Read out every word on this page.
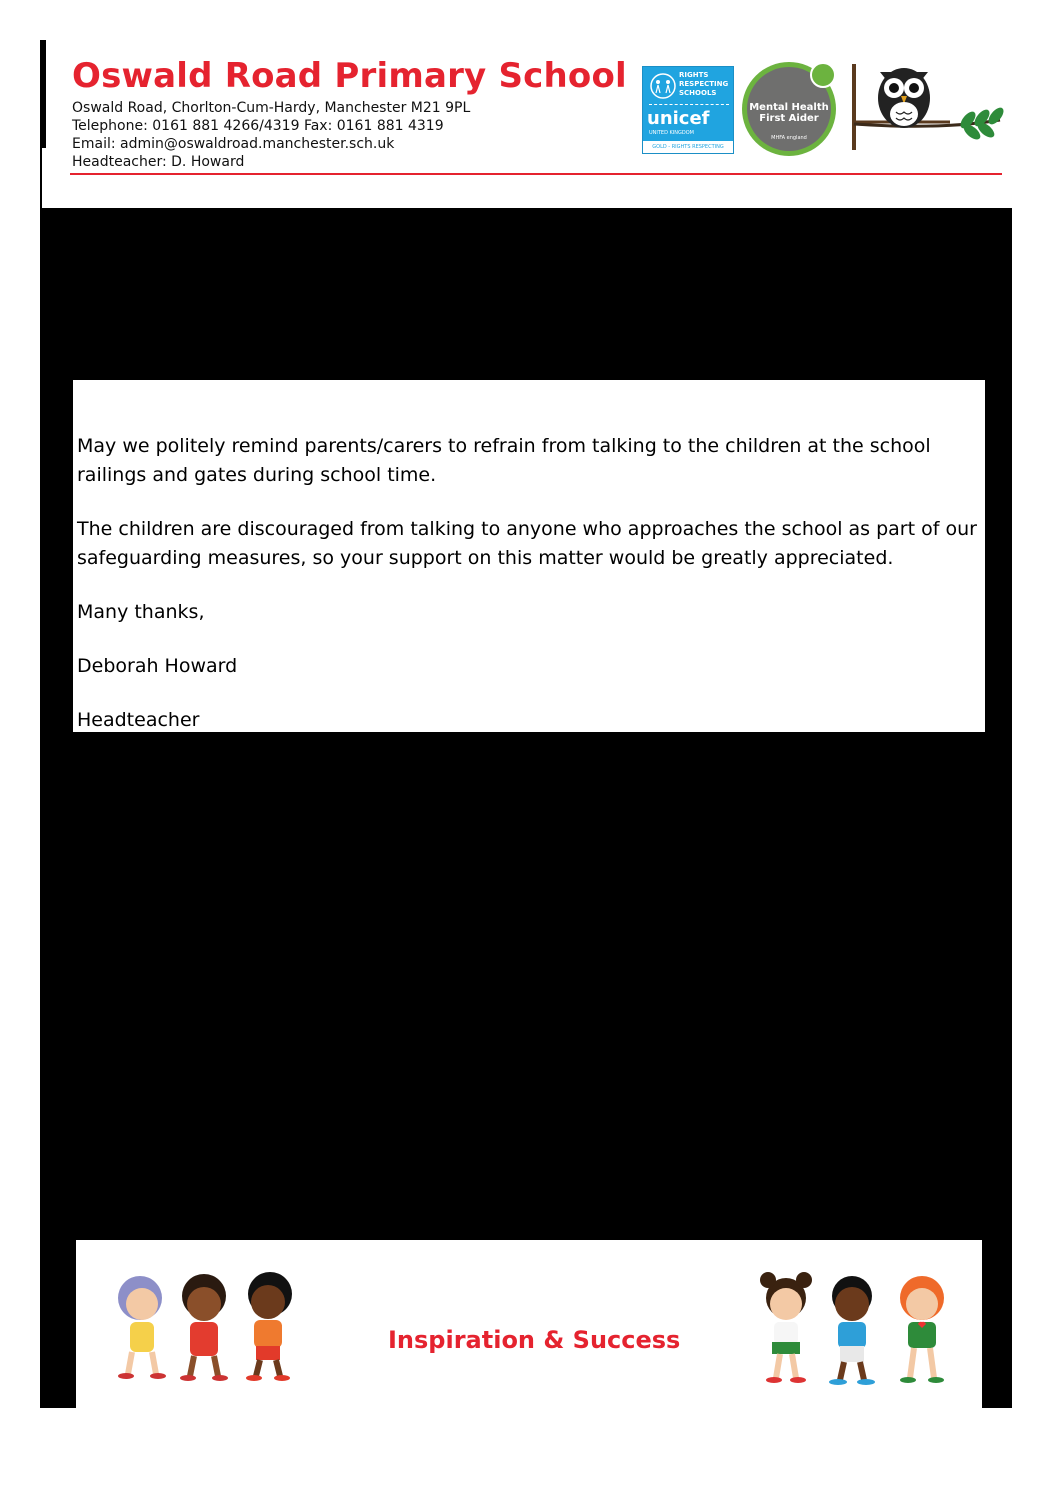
Oswald Road Primary School
Oswald Road, Chorlton-Cum-Hardy, Manchester M21 9PL
Telephone: 0161 881 4266/4319 Fax: 0161 881 4319
Email: admin@oswaldroad.manchester.sch.uk
Headteacher: D. Howard
RIGHTS
RESPECTING
SCHOOLS
unicef
UNITED KINGDOM
GOLD - RIGHTS RESPECTING
Mental Health
First Aider
MHFA england

May we politely remind parents/carers to refrain from talking to the children at the school railings and gates during school time.

The children are discouraged from talking to anyone who approaches the school as part of our safeguarding measures, so your support on this matter would be greatly appreciated.

Many thanks,

Deborah Howard

Headteacher

Inspiration & Success
